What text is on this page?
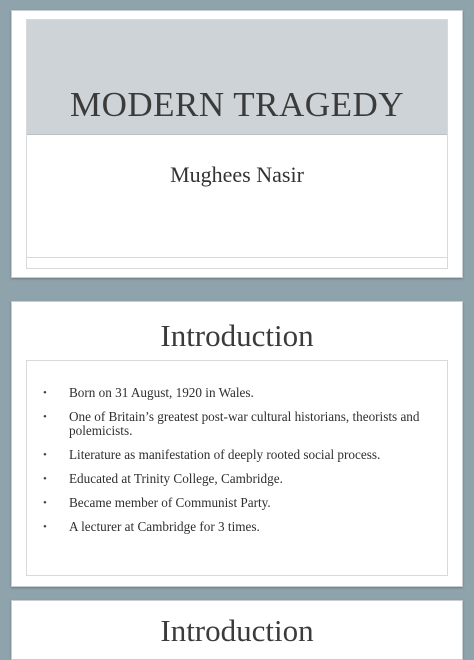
MODERN TRAGEDY
Mughees Nasir
Introduction
• Born on 31 August, 1920 in Wales.
• One of Britain’s greatest post-war cultural historians, theorists and polemicists.
• Literature as manifestation of deeply rooted social process.
• Educated at Trinity College, Cambridge.
• Became member of Communist Party.
• A lecturer at Cambridge for 3 times.
Introduction
